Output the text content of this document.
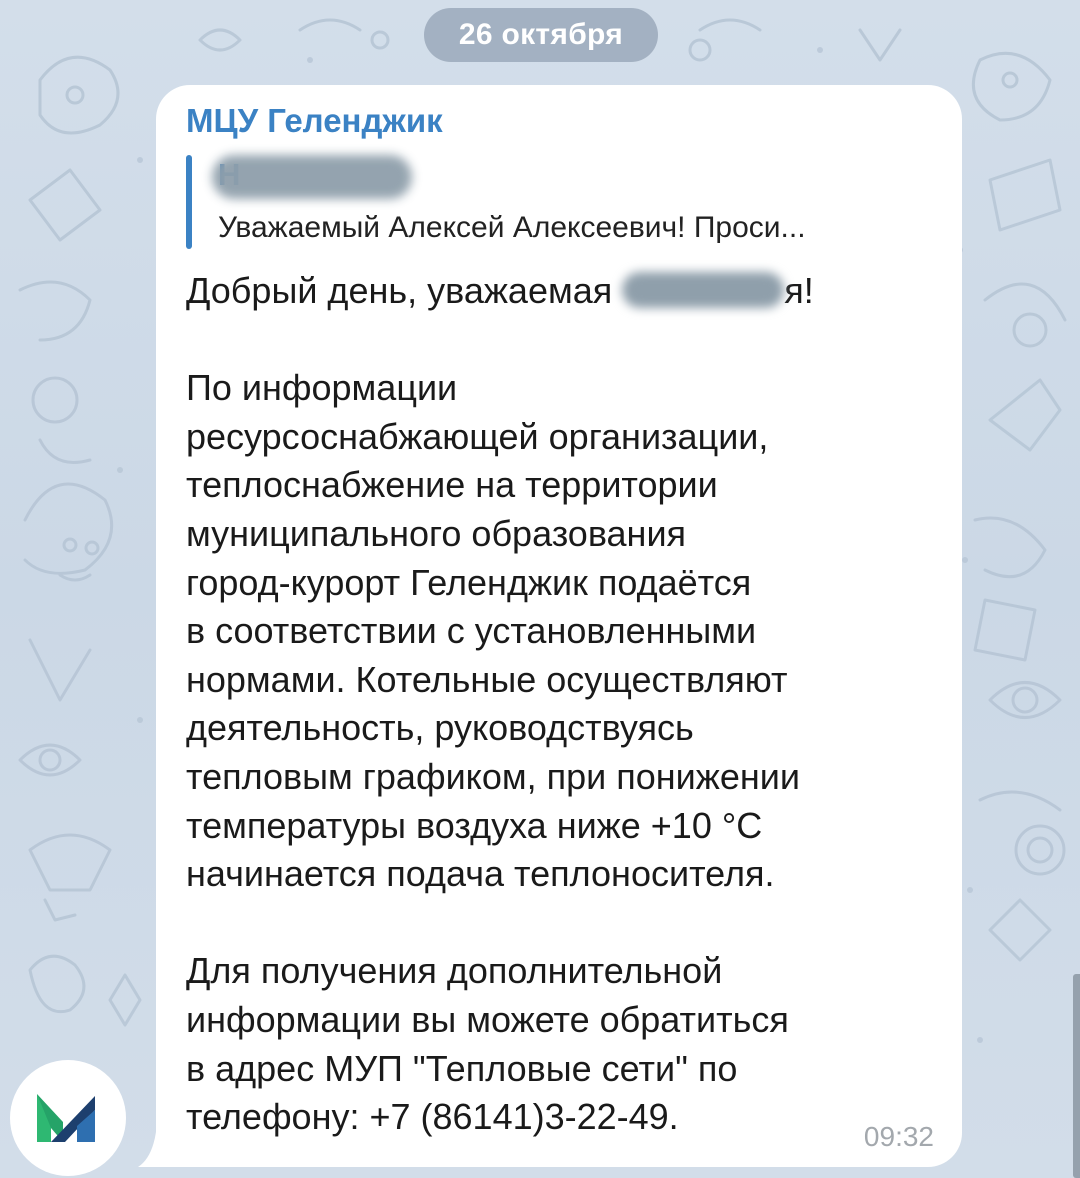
26 октября
МЦУ Геленджик
Уважаемый Алексей Алексеевич! Проси...

Добрый день, уважаемая	я!

По информации

ресурсоснабжающей организации,

теплоснабжение на территории

муниципального образования

город-курорт Геленджик подаётся

в соответствии с установленными

нормами. Котельные осуществляют

деятельность, руководствуясь

тепловым графиком, при понижении

температуры воздуха ниже +10 °С

начинается подача теплоносителя.

Для получения дополнительной

информации вы можете обратиться

в адрес МУП "Тепловые сети" по

телефону: +7 (86141)3-22-49.	09:32
